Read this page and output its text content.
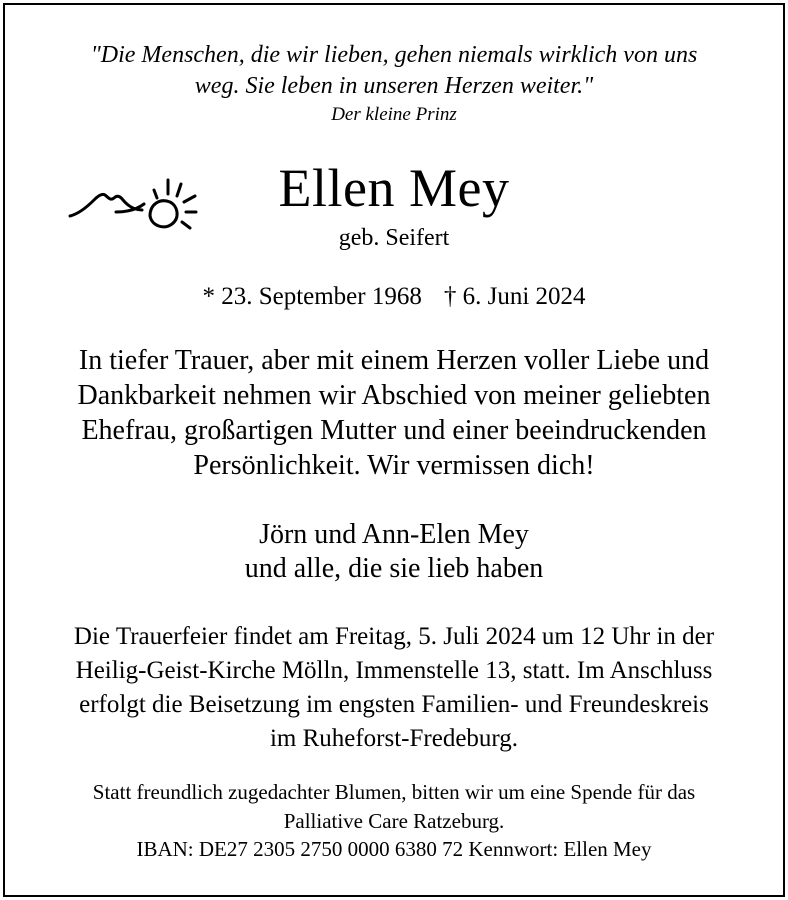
"Die Menschen, die wir lieben, gehen niemals wirklich von uns
weg. Sie leben in unseren Herzen weiter."
Der kleine Prinz
Ellen Mey
geb. Seifert
* 23. September 1968 † 6. Juni 2024
In tiefer Trauer, aber mit einem Herzen voller Liebe und
Dankbarkeit nehmen wir Abschied von meiner geliebten
Ehefrau, großartigen Mutter und einer beeindruckenden
Persönlichkeit. Wir vermissen dich!
Jörn und Ann-Elen Mey
und alle, die sie lieb haben
Die Trauerfeier findet am Freitag, 5. Juli 2024 um 12 Uhr in der
Heilig-Geist-Kirche Mölln, Immenstelle 13, statt. Im Anschluss
erfolgt die Beisetzung im engsten Familien- und Freundeskreis
im Ruheforst-Fredeburg.
Statt freundlich zugedachter Blumen, bitten wir um eine Spende für das
Palliative Care Ratzeburg.
IBAN: DE27 2305 2750 0000 6380 72 Kennwort: Ellen Mey
